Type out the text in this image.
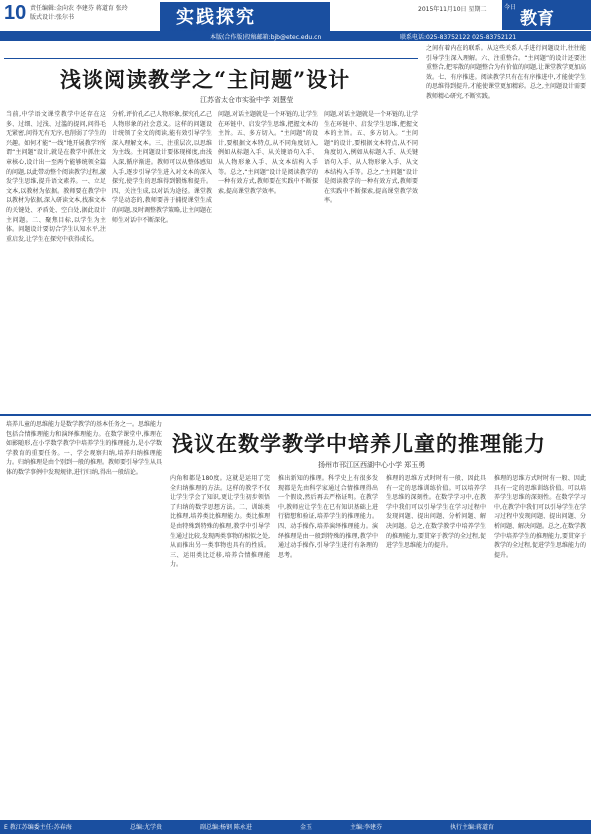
10 责任编辑:金向农 李建芬 蒋道育 张玲
版式设计:张尔书	实践探究	2015年11月10日 星期二	今日
教育
本版(合作版)投稿邮箱:bjb@etec.edu.cn	联系电话:025-83752122 025-83752121
浅谈阅读教学之“主问题”设计
江苏省太仓市实验中学 刘慧莹
当前,中学语文课堂教学中还存在这多、过细、过浅、过滥的提问,问得毛无紧密,问得无有无序,也削弱了学生的兴趣。如何才能“一线”地开展教学?所谓“主问题”设计,就是在教学中抓住文章核心,设计出一至两个能够统领全篇的问题,以此带动整个阅读教学过程,激发学生思维,提升语文素养。一、立足文本,以教材为依据。教师要在教学中以教材为依据,深入研读文本,找准文本的关键处、矛盾处、空白处,据此设计主问题。二、聚焦目标,以学生为主体。问题设计要切合学生认知水平,注重启发,让学生在探究中获得成长。
分析,评价孔乙己人物形象,探究孔乙己人物形象的社会意义。这样的问题设计统领了全文的阅读,能有效引导学生深入理解文本。三、注重层次,以思维为主线。主问题设计要体现梯度,由浅入深,循序渐进。教师可以从整体感知入手,逐步引导学生进入对文本的深入探究,使学生的思维得到锻炼和提升。四、关注生成,以对话为途径。课堂教学是动态的,教师要善于捕捉课堂生成的问题,及时调整教学策略,让主问题在师生对话中不断深化。
问题,对话主题就是一个环链的,让学生在环链中、启发学生思维,把握文本的主旨。五、多方切入。“主问题”的设计,要根据文本特点,从不同角度切入,例如从标题入手、从关键语句入手、从人物形象入手、从文本结构入手等。总之,“主问题”设计是阅读教学的一种有效方式,教师要在实践中不断探索,提高课堂教学效率。
问题,对话主题就是一个环链的,让学生在环链中、启发学生思维,把握文本的主旨。五、多方切入。“主问题”的设计,要根据文本特点,从不同角度切入,例如从标题入手、从关键语句入手、从人物形象入手、从文本结构入手等。总之,“主问题”设计是阅读教学的一种有效方式,教师要在实践中不断探索,提高课堂教学效率。
之间有着内在的联系。从这些关系人手进行问题设计,往往能引导学生深入理解。六、注重整合。“主问题”的设计还要注重整合,把零散的问题整合为有价值的问题,让课堂教学更加高效。七、有序推进。阅读教学只有在有序推进中,才能使学生的思维得到提升,才能使课堂更加精彩。总之,主问题设计需要教师精心研究,不断实践。
浅议在数学教学中培养儿童的推理能力
扬州市邗江区西湖中心小学 郑玉勇
培养儿童的思维能力是数学教学的基本任务之一。思维能力包括合情推理能力和演绎推理能力。在数学课堂中,推理在如影随形,在小学数学教学中培养学生的推理能力,是小学数学教育的重要任务。一、学会观察归纳,培养归纳推理能力。归纳推理是由个别到一般的推理。教师要引导学生从具体的数学事例中发现规律,进行归纳,得出一般结论。
内角和都是180度。这就是运用了完全归纳推理的方法。这样的教学不仅让学生学会了知识,更让学生初步领悟了归纳的数学思想方法。二、训练类比推理,培养类比推理能力。类比推理是由特殊到特殊的推理,教学中引导学生通过比较,发现两类事物的相似之处,从而推出另一类事物也具有的性质。三、运用类比迁移,培养合情推理能力。
推出新知的推理。科学史上有很多发现都是先由科学家通过合情推理得出一个假设,然后再去严格证明。在教学中,教师应让学生在已有知识基础上进行猜想和验证,培养学生的推理能力。四、动手操作,培养演绎推理能力。演绎推理是由一般到特殊的推理,教学中通过动手操作,引导学生进行有条理的思考。
推理的思维方式时时有一般、因此具有一定的思维训练价值。可以培养学生思维的深刻性。在数学学习中,在教学中我们可以引导学生在学习过程中发现问题、提出问题、分析问题、解决问题。总之,在数学教学中培养学生的推理能力,要贯穿于教学的全过程,促进学生思维能力的提升。
推理的思维方式时时有一般、因此具有一定的思维训练价值。可以培养学生思维的深刻性。在数学学习中,在教学中我们可以引导学生在学习过程中发现问题、提出问题、分析问题、解决问题。总之,在数学教学中培养学生的推理能力,要贯穿于教学的全过程,促进学生思维能力的提升。
E 教江苏编委主任:苏春海	总编:尤学贵	副总编:杨钢 陈永进	金玉	主编:李建芬	执行主编:蒋道育
